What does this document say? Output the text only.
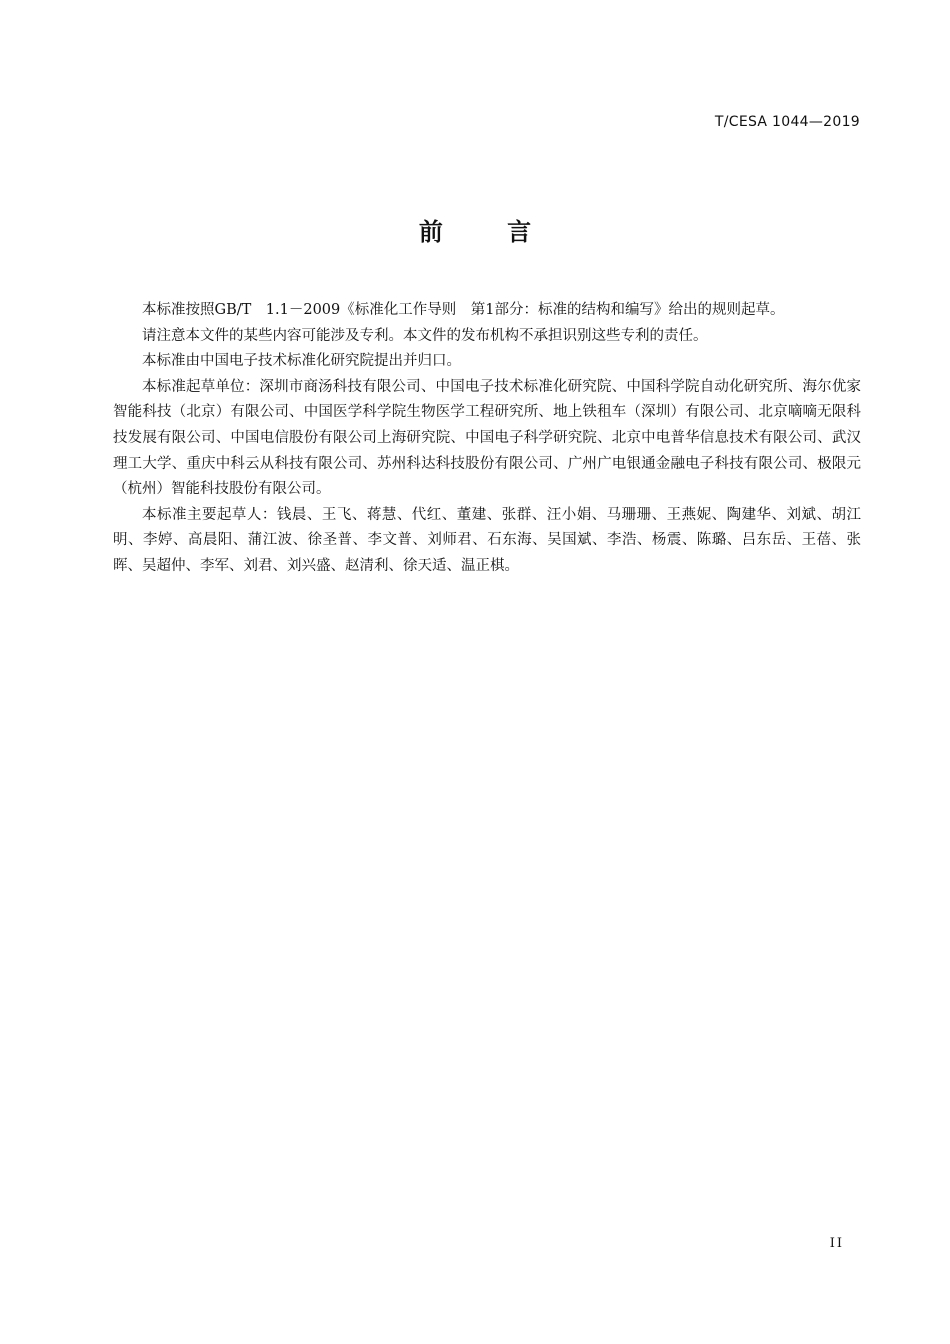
T/CESA 1044—2019
前 言

本标准按照GB/T　1.1－2009《标准化工作导则　第1部分：标准的结构和编写》给出的规则起草。

请注意本文件的某些内容可能涉及专利。本文件的发布机构不承担识别这些专利的责任。

本标准由中国电子技术标准化研究院提出并归口。

本标准起草单位：深圳市商汤科技有限公司、中国电子技术标准化研究院、中国科学院自动化研究所、海尔优家智能科技（北京）有限公司、中国医学科学院生物医学工程研究所、地上铁租车（深圳）有限公司、北京嘀嘀无限科技发展有限公司、中国电信股份有限公司上海研究院、中国电子科学研究院、北京中电普华信息技术有限公司、武汉理工大学、重庆中科云从科技有限公司、苏州科达科技股份有限公司、广州广电银通金融电子科技有限公司、极限元（杭州）智能科技股份有限公司。

本标准主要起草人：钱晨、王飞、蒋慧、代红、董建、张群、汪小娟、马珊珊、王燕妮、陶建华、刘斌、胡江明、李婷、高晨阳、蒲江波、徐圣普、李文普、刘师君、石东海、吴国斌、李浩、杨震、陈璐、吕东岳、王蓓、张晖、吴超仲、李军、刘君、刘兴盛、赵清利、徐天适、温正棋。

II
